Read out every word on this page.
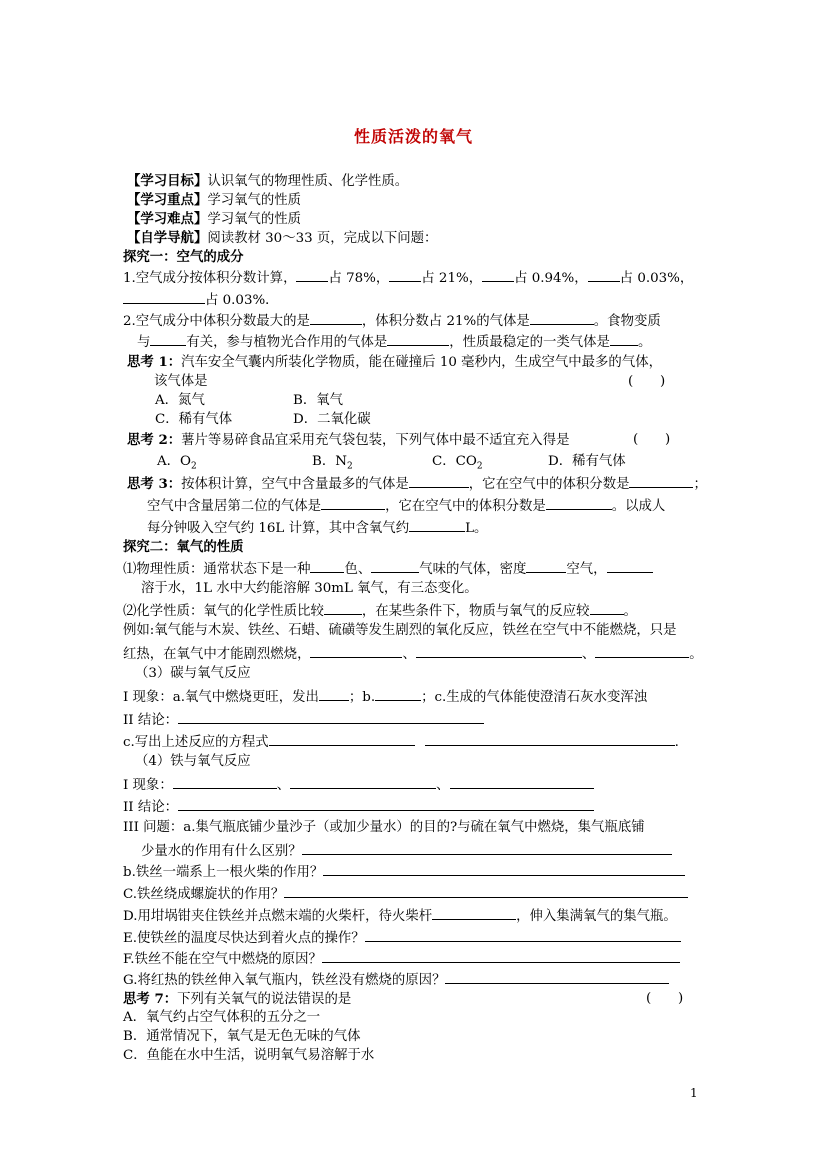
性质活泼的氧气
【学习目标】认识氧气的物理性质、化学性质。
【学习重点】学习氧气的性质
【学习难点】学习氧气的性质
【自学导航】阅读教材 30～33 页，完成以下问题：
探究一：空气的成分
1.空气成分按体积分数计算， 占 78%， 占 21%， 占 0.94%， 占 0.03%，
占 0.03%．
2.空气成分中体积分数最大的是	，体积分数占 21%的气体是	。食物变质
与	有关，参与植物光合作用的气体是	，性质最稳定的一类气体是 。
思考 1：汽车安全气囊内所装化学物质，能在碰撞后 10 毫秒内，生成空气中最多的气体，
该气体是	(　　)
A．氮气	B．氧气
C．稀有气体	D．二氧化碳
思考 2：薯片等易碎食品宜采用充气袋包装，下列气体中最不适宜充入得是	(　　)
A．$O_2$	B．$N_2$	C．$CO_2$	D．稀有气体
思考 3：按体积计算，空气中含量最多的气体是	，它在空气中的体积分数是	；
空气中含量居第二位的气体是	，它在空气中的体积分数是	。以成人
每分钟吸入空气约 16L 计算，其中含氧气约	L。
探究二：氧气的性质
⑴物理性质：通常状态下是一种	色、	气味的气体，密度	空气，
溶于水，1L 水中大约能溶解 30mL 氧气，有三态变化。
⑵化学性质：氧气的化学性质比较	，在某些条件下，物质与氧气的反应较	。
例如:氧气能与木炭、铁丝、石蜡、硫磺等发生剧烈的氧化反应，铁丝在空气中不能燃烧，只是
红热，在氧气中才能剧烈燃烧，	、	、	。
（3）碳与氧气反应
I 现象：a.氧气中燃烧更旺，发出 ；b.	；c.生成的气体能使澄清石灰水变浑浊
II 结论：
c.写出上述反应的方程式	.
（4）铁与氧气反应
I 现象：	、	、
II 结论：
III 问题：a.集气瓶底铺少量沙子（或加少量水）的目的?与硫在氧气中燃烧，集气瓶底铺
少量水的作用有什么区别？
b.铁丝一端系上一根火柴的作用？
C.铁丝绕成螺旋状的作用？
D.用坩埚钳夹住铁丝并点燃末端的火柴杆，待火柴杆	，伸入集满氧气的集气瓶。
E.使铁丝的温度尽快达到着火点的操作？
F.铁丝不能在空气中燃烧的原因？
G.将红热的铁丝伸入氧气瓶内，铁丝没有燃烧的原因？
思考 7：下列有关氧气的说法错误的是	(　　)
A．氧气约占空气体积的五分之一
B．通常情况下，氧气是无色无味的气体
C．鱼能在水中生活，说明氧气易溶解于水
1
